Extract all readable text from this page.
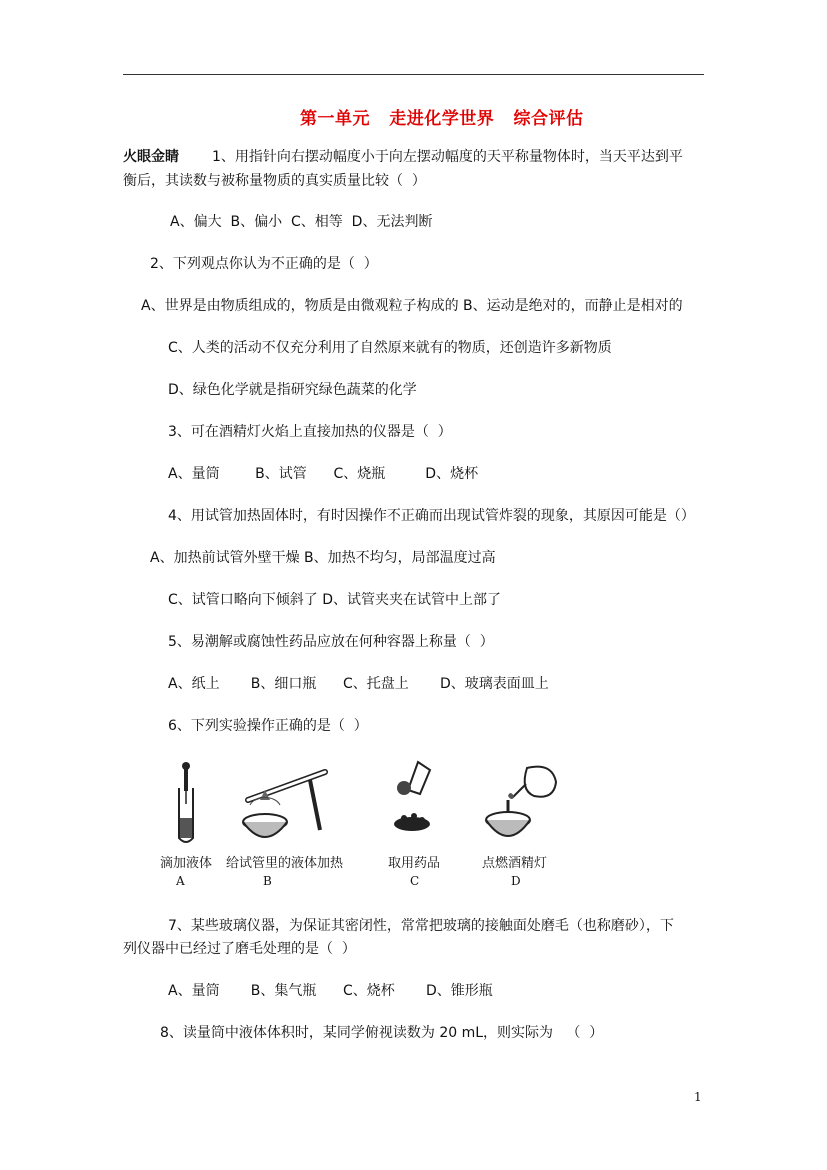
第一单元   走进化学世界   综合评估
火眼金睛 1、用指针向右摆动幅度小于向左摆动幅度的天平称量物体时，当天平达到平
衡后，其读数与被称量物质的真实质量比较（  ）
A、偏大  B、偏小  C、相等  D、无法判断
2、下列观点你认为不正确的是（  ）
A、世界是由物质组成的，物质是由微观粒子构成的 B、运动是绝对的，而静止是相对的
C、人类的活动不仅充分利用了自然原来就有的物质，还创造许多新物质
D、绿色化学就是指研究绿色蔬菜的化学
3、可在酒精灯火焰上直接加热的仪器是（  ）
A、量筒        B、试管      C、烧瓶         D、烧杯
4、用试管加热固体时，有时因操作不正确而出现试管炸裂的现象，其原因可能是（）
A、加热前试管外壁干燥 B、加热不均匀，局部温度过高
C、试管口略向下倾斜了 D、试管夹夹在试管中上部了
5、易潮解或腐蚀性药品应放在何种容器上称量（  ）
A、纸上       B、细口瓶      C、托盘上       D、玻璃表面皿上
6、下列实验操作正确的是（  ）
滴加液体
A
给试管里的液体加热
B
取用药品
C
点燃酒精灯
D
7、某些玻璃仪器，为保证其密闭性，常常把玻璃的接触面处磨毛（也称磨砂），下
列仪器中已经过了磨毛处理的是（  ）
A、量筒       B、集气瓶      C、烧杯       D、锥形瓶
8、读量筒中液体体积时，某同学俯视读数为 20 mL，则实际为   （  ）
1
